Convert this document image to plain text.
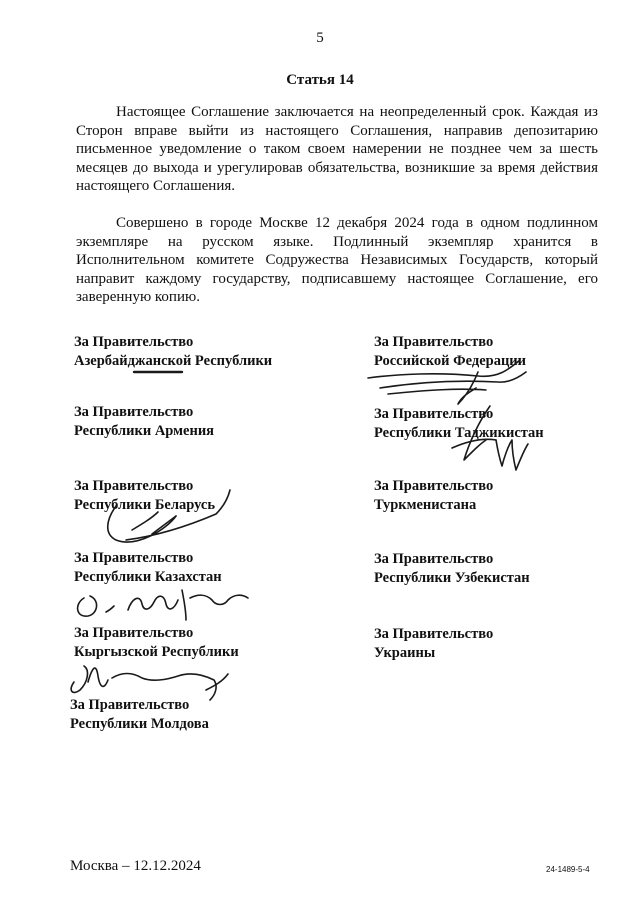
5
Статья 14

Настоящее Соглашение заключается на неопределенный срок. Каждая из Сторон вправе выйти из настоящего Соглашения, направив депозитарию письменное уведомление о таком своем намерении не позднее чем за шесть месяцев до выхода и урегулировав обязательства, возникшие за время действия настоящего Соглашения.

Совершено в городе Москве 12 декабря 2024 года в одном подлинном экземпляре на русском языке. Подлинный экземпляр хранится в Исполнительном комитете Содружества Независимых Государств, который направит каждому государству, подписавшему настоящее Соглашение, его заверенную копию.

За Правительство
Азербайджанской Республики
За Правительство
Республики Армения
За Правительство
Республики Беларусь
За Правительство
Республики Казахстан
За Правительство
Кыргызской Республики
За Правительство
Республики Молдова
За Правительство
Российской Федерации
За Правительство
Республики Таджикистан
За Правительство
Туркменистана
За Правительство
Республики Узбекистан
За Правительство
Украины
Москва – 12.12.2024	24-1489-5-4
